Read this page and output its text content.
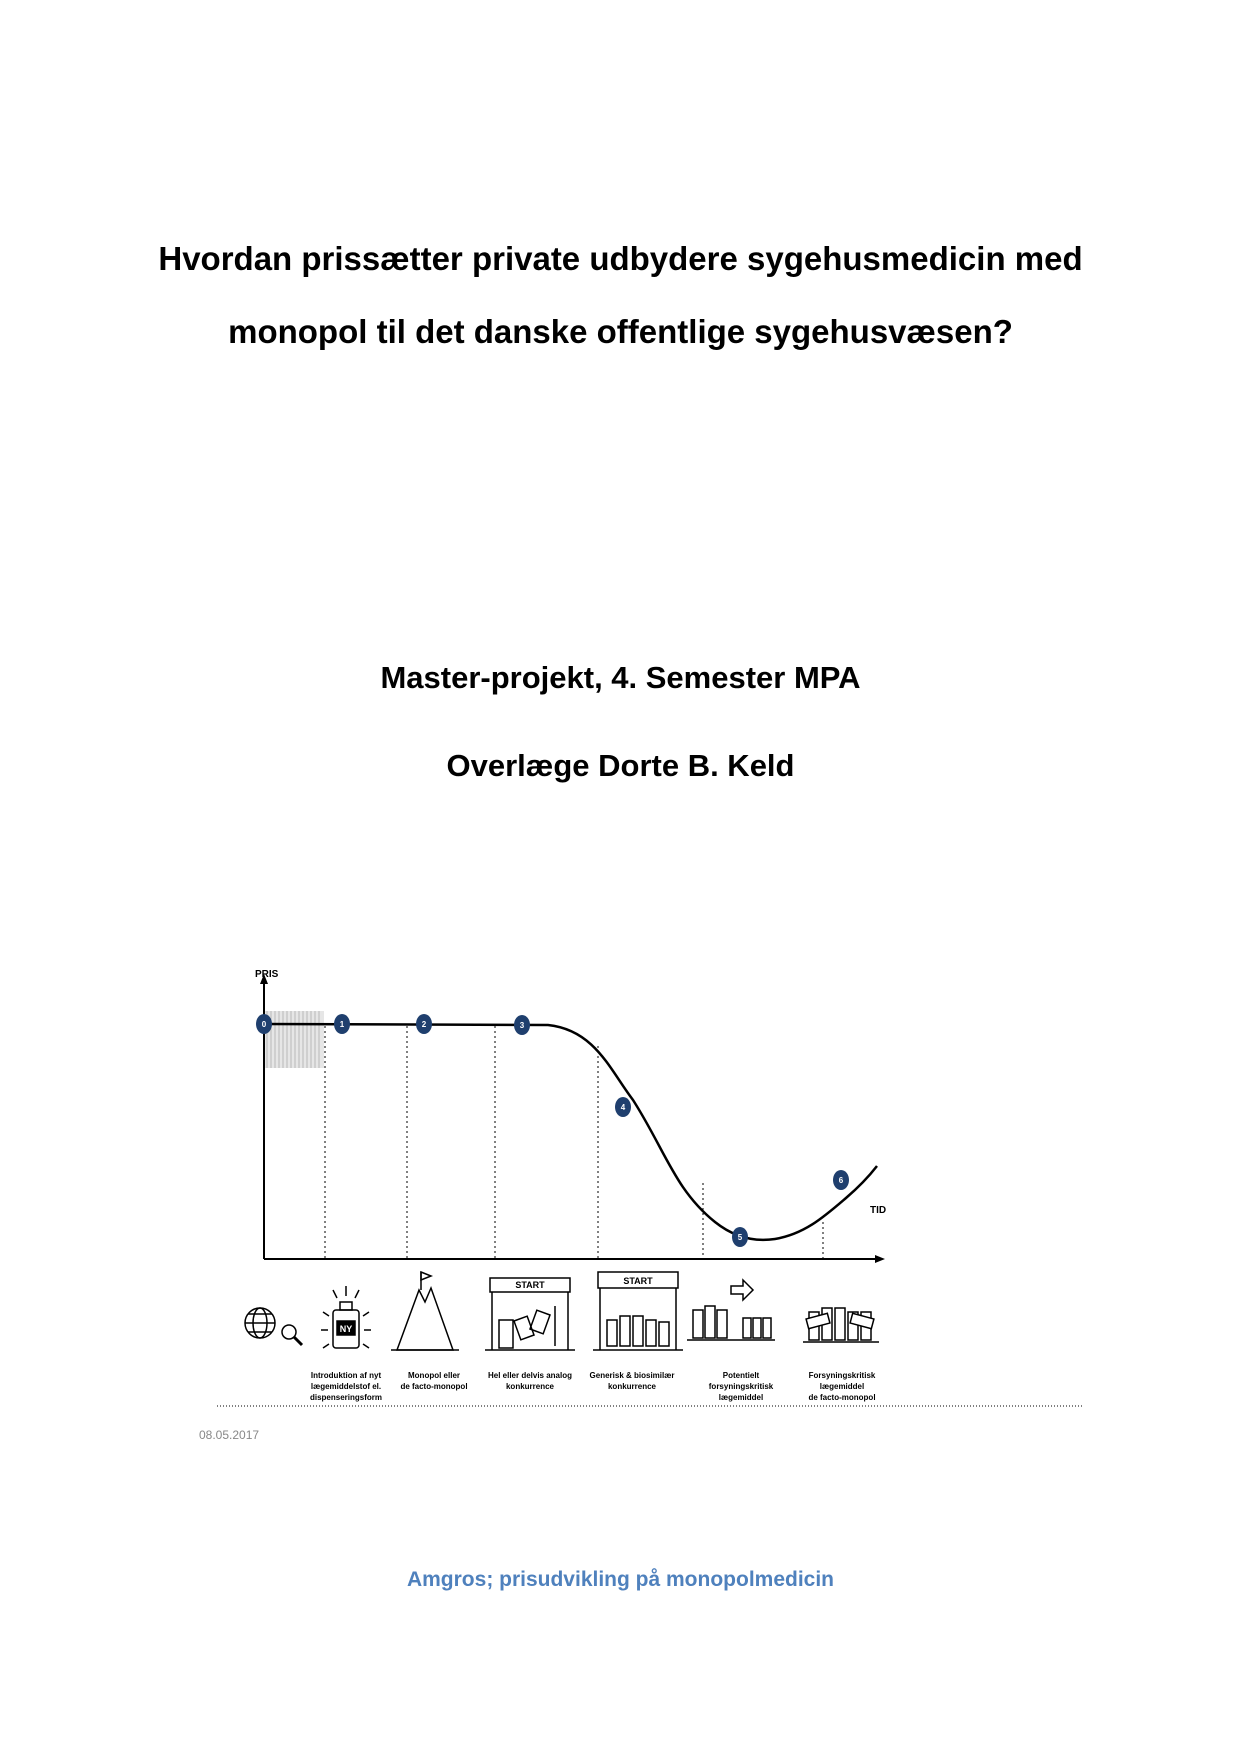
Hvordan prissætter private udbydere sygehusmedicin med
monopol til det danske offentlige sygehusvæsen?

Master-projekt, 4. Semester MPA

Overlæge Dorte B. Keld

PRIS
TID
0	1	2	3
4
5
6
NY
START	START
Introduktion af nyt
lægemiddelstof el.
dispenseringsform
Monopol eller
de facto-monopol
Hel eller delvis analog
konkurrence
Generisk & biosimilær
konkurrence
Potentielt
forsyningskritisk
lægemiddel
Forsyningskritisk
lægemiddel
de facto-monopol
08.05.2017

Amgros; prisudvikling på monopolmedicin
